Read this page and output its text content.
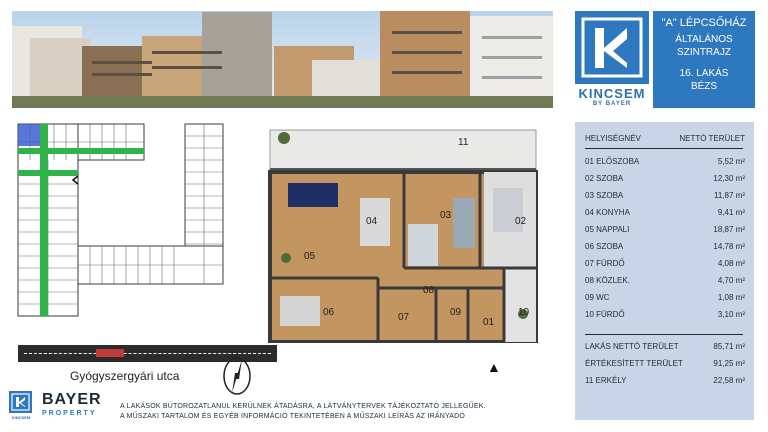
KINCSEM
BY BAYER
"A" LÉPCSŐHÁZ
ÁLTALÁNOS
SZINTRAJZ
16. LAKÁS
BÉZS
HELYISÉGNÉV	NETTÓ TERÜLET
01 ELŐSZOBA	5,52 m²
02 SZOBA	12,30 m²
03 SZOBA	11,87 m²
04 KONYHA	9,41 m²
05 NAPPALI	18,87 m²
06 SZOBA	14,78 m²
07 FÜRDŐ	4,08 m²
08 KÖZLEK.	4,70 m²
09 WC	1,08 m²
10 FÜRDŐ	3,10 m²
LAKÁS NETTÓ TERÜLET	85,71 m²
ÉRTÉKESÍTETT TERÜLET	91,25 m²
11 ERKÉLY	22,58 m²
Gyógyszergyári utca
01
02
03
04
05
06	07
08
09	10
11
▲
KINCSEM
BAYER
PROPERTY
A LAKÁSOK BÚTOROZATLANUL KERÜLNEK ÁTADÁSRA, A LÁTVÁNYTERVEK TÁJÉKOZTATÓ JELLEGŰEK.
A MŰSZAKI TARTALOM ÉS EGYÉB INFORMÁCIÓ TEKINTETÉBEN A MŰSZAKI LEÍRÁS AZ IRÁNYADÓ
